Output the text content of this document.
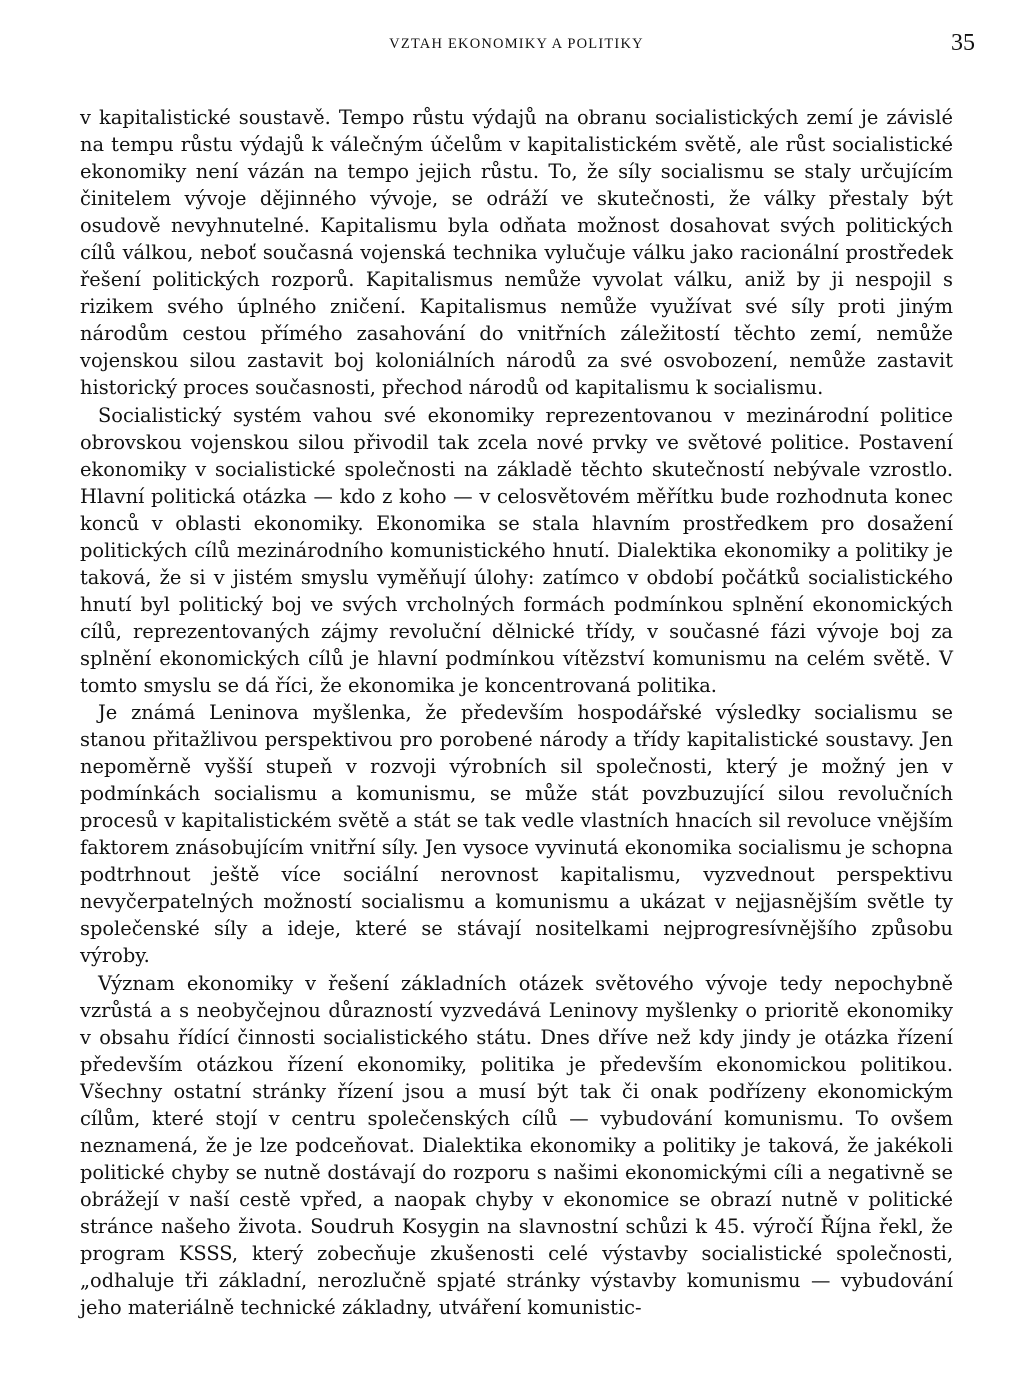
VZTAH EKONOMIKY A POLITIKY	35

v kapitalistické soustavě. Tempo růstu výdajů na obranu socialistických zemí je závislé na tempu růstu výdajů k válečným účelům v kapitalistickém světě, ale růst socialistické ekonomiky není vázán na tempo jejich růstu. To, že síly socialismu se staly určujícím činitelem vývoje dějinného vývoje, se odráží ve skutečnosti, že války přestaly být osudově nevyhnutelné. Kapitalismu byla odňata možnost dosahovat svých politických cílů válkou, neboť současná vojenská technika vylučuje válku jako racionální prostředek řešení politických rozporů. Kapitalismus nemůže vyvolat válku, aniž by ji nespojil s rizikem svého úplného zničení. Kapitalismus nemůže využívat své síly proti jiným národům cestou přímého zasahování do vnitřních záležitostí těchto zemí, nemůže vojenskou silou zastavit boj koloniálních národů za své osvobození, nemůže zastavit historický proces současnosti, přechod národů od kapitalismu k socialismu.

Socialistický systém vahou své ekonomiky reprezentovanou v mezinárodní politice obrovskou vojenskou silou přivodil tak zcela nové prvky ve světové politice. Postavení ekonomiky v socialistické společnosti na základě těchto skutečností nebývale vzrostlo. Hlavní politická otázka — kdo z koho — v celosvětovém měřítku bude rozhodnuta konec konců v oblasti ekonomiky. Ekonomika se stala hlavním prostředkem pro dosažení politických cílů mezinárodního komunistického hnutí. Dialektika ekonomiky a politiky je taková, že si v jistém smyslu vyměňují úlohy: zatímco v období počátků socialistického hnutí byl politický boj ve svých vrcholných formách podmínkou splnění ekonomických cílů, reprezentovaných zájmy revoluční dělnické třídy, v současné fázi vývoje boj za splnění ekonomických cílů je hlavní podmínkou vítězství komunismu na celém světě. V tomto smyslu se dá říci, že ekonomika je koncentrovaná politika.

Je známá Leninova myšlenka, že především hospodářské výsledky socialismu se stanou přitažlivou perspektivou pro porobené národy a třídy kapitalistické soustavy. Jen nepoměrně vyšší stupeň v rozvoji výrobních sil společnosti, který je možný jen v podmínkách socialismu a komunismu, se může stát povzbuzující silou revolučních procesů v kapitalistickém světě a stát se tak vedle vlastních hnacích sil revoluce vnějším faktorem znásobujícím vnitřní síly. Jen vysoce vyvinutá ekonomika socialismu je schopna podtrhnout ještě více sociální nerovnost kapitalismu, vyzvednout perspektivu nevyčerpatelných možností socialismu a komunismu a ukázat v nejjasnějším světle ty společenské síly a ideje, které se stávají nositelkami nejprogresívnějšího způsobu výroby.

Význam ekonomiky v řešení základních otázek světového vývoje tedy nepochybně vzrůstá a s neobyčejnou důrazností vyzvedává Leninovy myšlenky o prioritě ekonomiky v obsahu řídící činnosti socialistického státu. Dnes dříve než kdy jindy je otázka řízení především otázkou řízení ekonomiky, politika je především ekonomickou politikou. Všechny ostatní stránky řízení jsou a musí být tak či onak podřízeny ekonomickým cílům, které stojí v centru společenských cílů — vybudování komunismu. To ovšem neznamená, že je lze podceňovat. Dialektika ekonomiky a politiky je taková, že jakékoli politické chyby se nutně dostávají do rozporu s našimi ekonomickými cíli a negativně se obrážejí v naší cestě vpřed, a naopak chyby v ekonomice se obrazí nutně v politické stránce našeho života. Soudruh Kosygin na slavnostní schůzi k 45. výročí Října řekl, že program KSSS, který zobecňuje zkušenosti celé výstavby socialistické společnosti, „odhaluje tři základní, nerozlučně spjaté stránky výstavby komunismu — vybudování jeho materiálně technické základny, utváření komunistic-
